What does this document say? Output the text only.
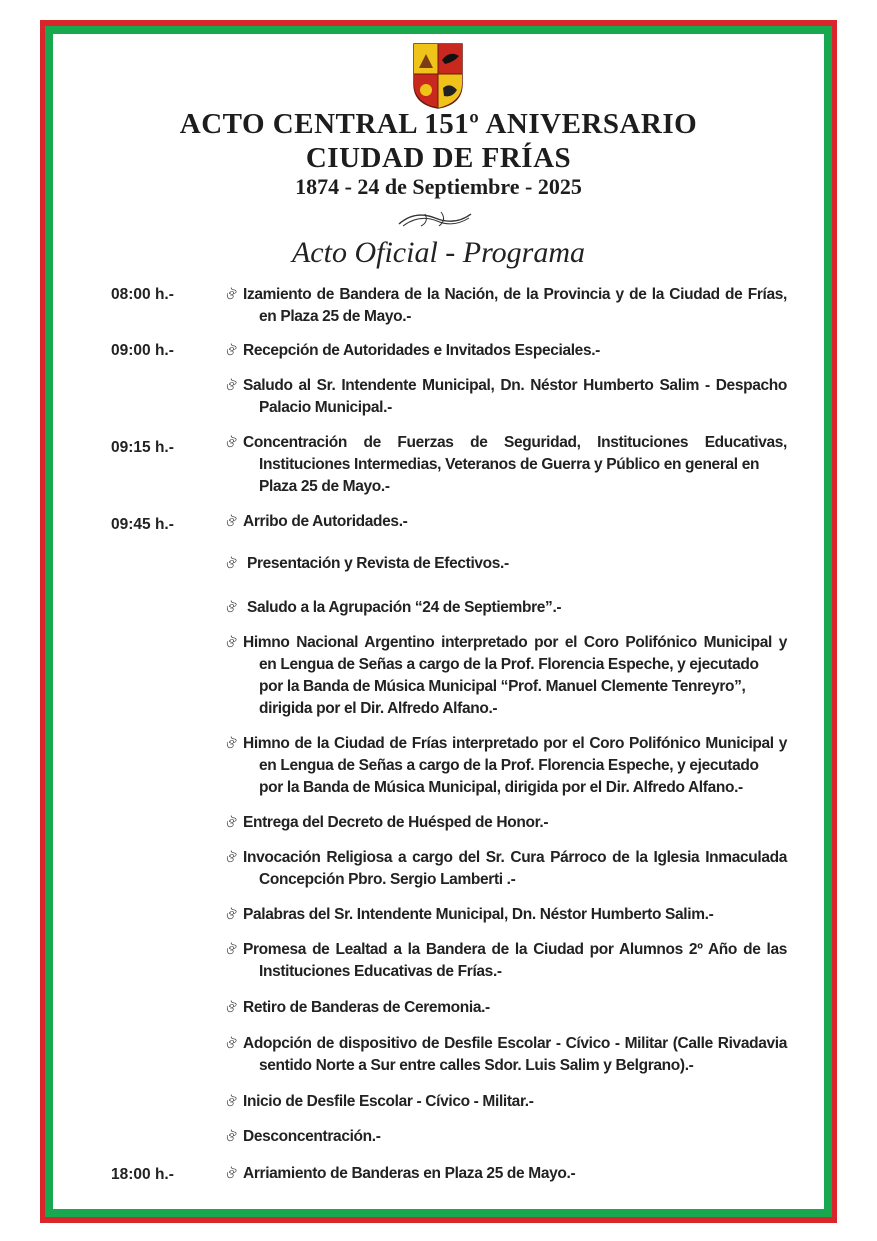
ACTO CENTRAL 151º ANIVERSARIO
CIUDAD DE FRÍAS
1874 - 24 de Septiembre - 2025
Acto Oficial - Programa
08:00 h.-
09:00 h.-
09:15 h.-
09:45 h.-
18:00 h.-
ঔ Izamiento de Bandera de la Nación, de la Provincia y de la Ciudad de Frías,
en Plaza 25 de Mayo.-
ঔ Recepción de Autoridades e Invitados Especiales.-
ঔ Saludo al Sr. Intendente Municipal, Dn. Néstor Humberto Salim - Despacho
Palacio Municipal.-
ঔ Concentración de Fuerzas de Seguridad, Instituciones Educativas,
Instituciones Intermedias, Veteranos de Guerra y Público en general en
Plaza 25 de Mayo.-
ঔ Arribo de Autoridades.-
ঔ Presentación y Revista de Efectivos.-
ঔ Saludo a la Agrupación “24 de Septiembre”.-
ঔ Himno Nacional Argentino interpretado por el Coro Polifónico Municipal y
en Lengua de Señas a cargo de la Prof. Florencia Espeche, y ejecutado
por la Banda de Música Municipal “Prof. Manuel Clemente Tenreyro”,
dirigida por el Dir. Alfredo Alfano.-
ঔ Himno de la Ciudad de Frías interpretado por el Coro Polifónico Municipal y
en Lengua de Señas a cargo de la Prof. Florencia Espeche, y ejecutado
por la Banda de Música Municipal, dirigida por el Dir. Alfredo Alfano.-
ঔ Entrega del Decreto de Huésped de Honor.-
ঔ Invocación Religiosa a cargo del Sr. Cura Párroco de la Iglesia Inmaculada
Concepción Pbro. Sergio Lamberti .-
ঔ Palabras del Sr. Intendente Municipal, Dn. Néstor Humberto Salim.-
ঔ Promesa de Lealtad a la Bandera de la Ciudad por Alumnos 2º Año de las
Instituciones Educativas de Frías.-
ঔ Retiro de Banderas de Ceremonia.-
ঔ Adopción de dispositivo de Desfile Escolar - Cívico - Militar (Calle Rivadavia
sentido Norte a Sur entre calles Sdor. Luis Salim y Belgrano).-
ঔ Inicio de Desfile Escolar - Cívico - Militar.-
ঔ Desconcentración.-
ঔ Arriamiento de Banderas en Plaza 25 de Mayo.-
